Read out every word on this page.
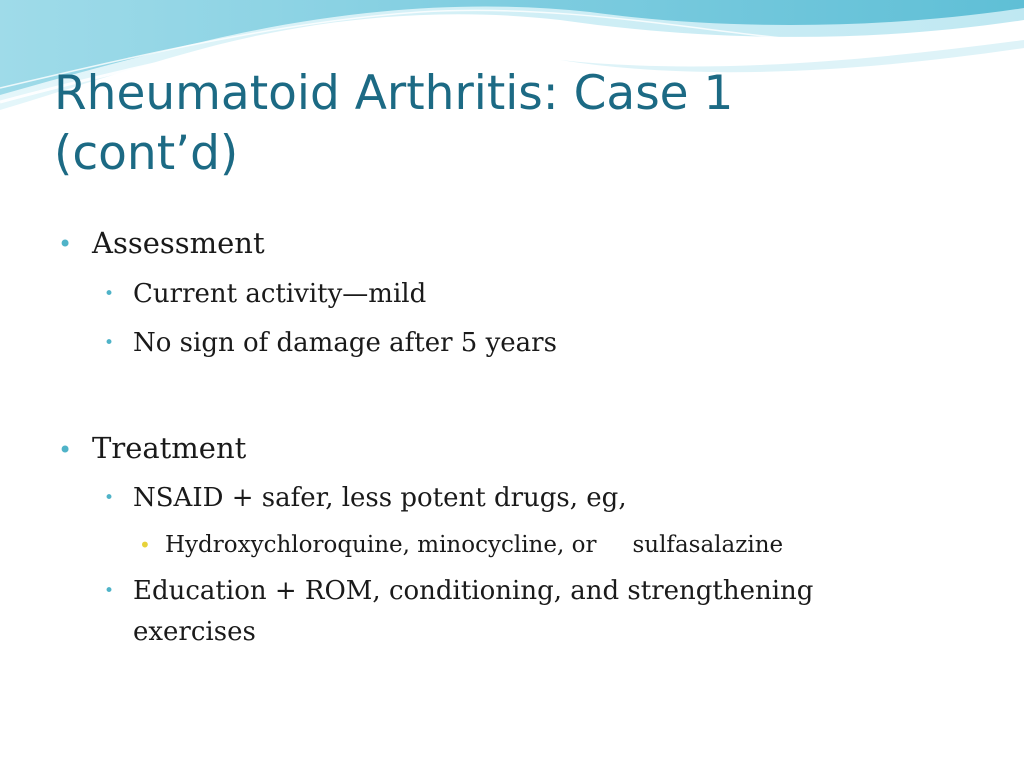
Rheumatoid Arthritis: Case 1
(cont’d)
• Assessment
• Current activity—mild
• No sign of damage after 5 years
• Treatment
• NSAID + safer, less potent drugs, eg,
• Hydroxychloroquine, minocycline, or sulfasalazine
• Education + ROM, conditioning, and strengthening
exercises
